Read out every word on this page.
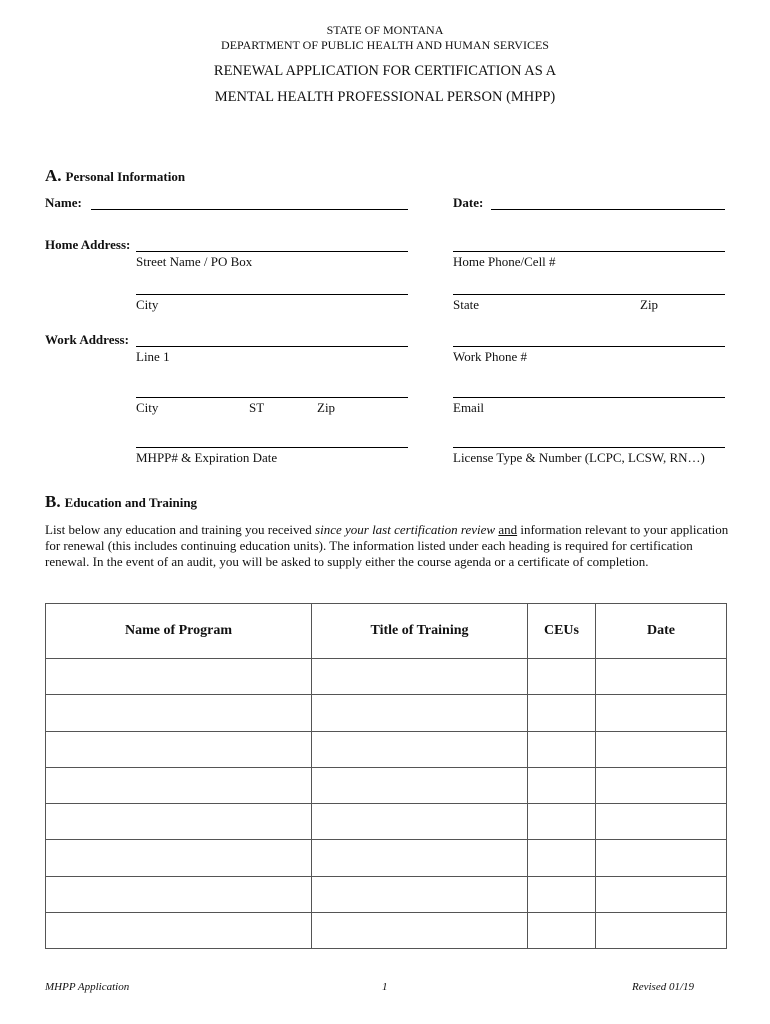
STATE OF MONTANA
DEPARTMENT OF PUBLIC HEALTH AND HUMAN SERVICES
RENEWAL APPLICATION FOR CERTIFICATION AS A
MENTAL HEALTH PROFESSIONAL PERSON (MHPP)
A. Personal Information
Name:	Date:
Home Address:
Street Name / PO Box	Home Phone/Cell #
City	State	Zip
Work Address:
Line 1	Work Phone #
City	ST	Zip	Email
MHPP# & Expiration Date	License Type & Number (LCPC, LCSW, RN…)
B. Education and Training
List below any education and training you received since your last certification review and information relevant to your application for renewal (this includes continuing education units). The information listed under each heading is required for certification renewal. In the event of an audit, you will be asked to supply either the course agenda or a certificate of completion.
Name of Program	Title of Training	CEUs	Date

MHPP Application	1	Revised 01/19
